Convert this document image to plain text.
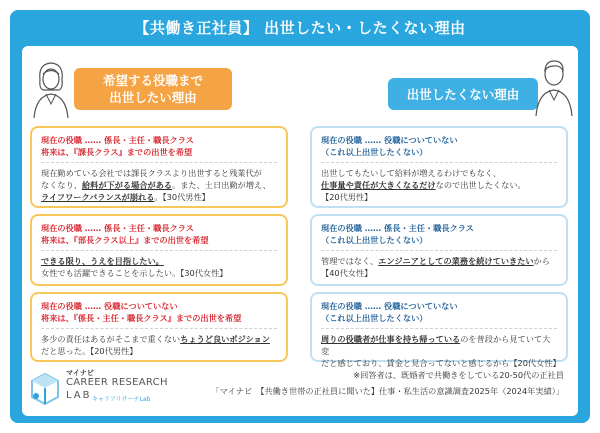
【共働き正社員】 出世したい・したくない理由
希望する役職まで
出世したい理由	出世したくない理由
現在の役職 …… 係長・主任・職長クラス
将来は、『課長クラス』までの出世を希望
現在勤めている会社では課長クラスより出世すると残業代が
なくなり、給料が下がる場合がある。また、土日出勤が増え、
ライフワークバランスが崩れる。【30代男性】
現在の役職 …… 係長・主任・職長クラス
将来は、『部長クラス以上』までの出世を希望
できる限り、うえを目指したい。
女性でも活躍できることを示したい。【30代女性】
現在の役職 …… 役職についていない
将来は、『係長・主任・職長クラス』までの出世を希望
多少の責任はあるがそこまで重くないちょうど良いポジション
だと思った。【20代男性】
現在の役職 …… 役職についていない
（これ以上出世したくない）
出世してもたいして給料が増えるわけでもなく、
仕事量や責任が大きくなるだけなので出世したくない。
【20代男性】
現在の役職 …… 係長・主任・職長クラス
（これ以上出世したくない）
管理ではなく、エンジニアとしての業務を続けていきたいから
【40代女性】
現在の役職 …… 役職についていない
（これ以上出世したくない）
周りの役職者が仕事を持ち帰っているのを普段から見ていて大変
だと感じており、賃金と見合ってないと感じるから【20代女性】
マイナビ
CAREER RESEARCH
LAB キャリアリサーチLab
※回答者は、既婚者で共働きをしている20-50代の正社員
「マイナビ　【共働き世帯の正社員に聞いた】仕事・私生活の意識調査2025年（2024年実績）」
